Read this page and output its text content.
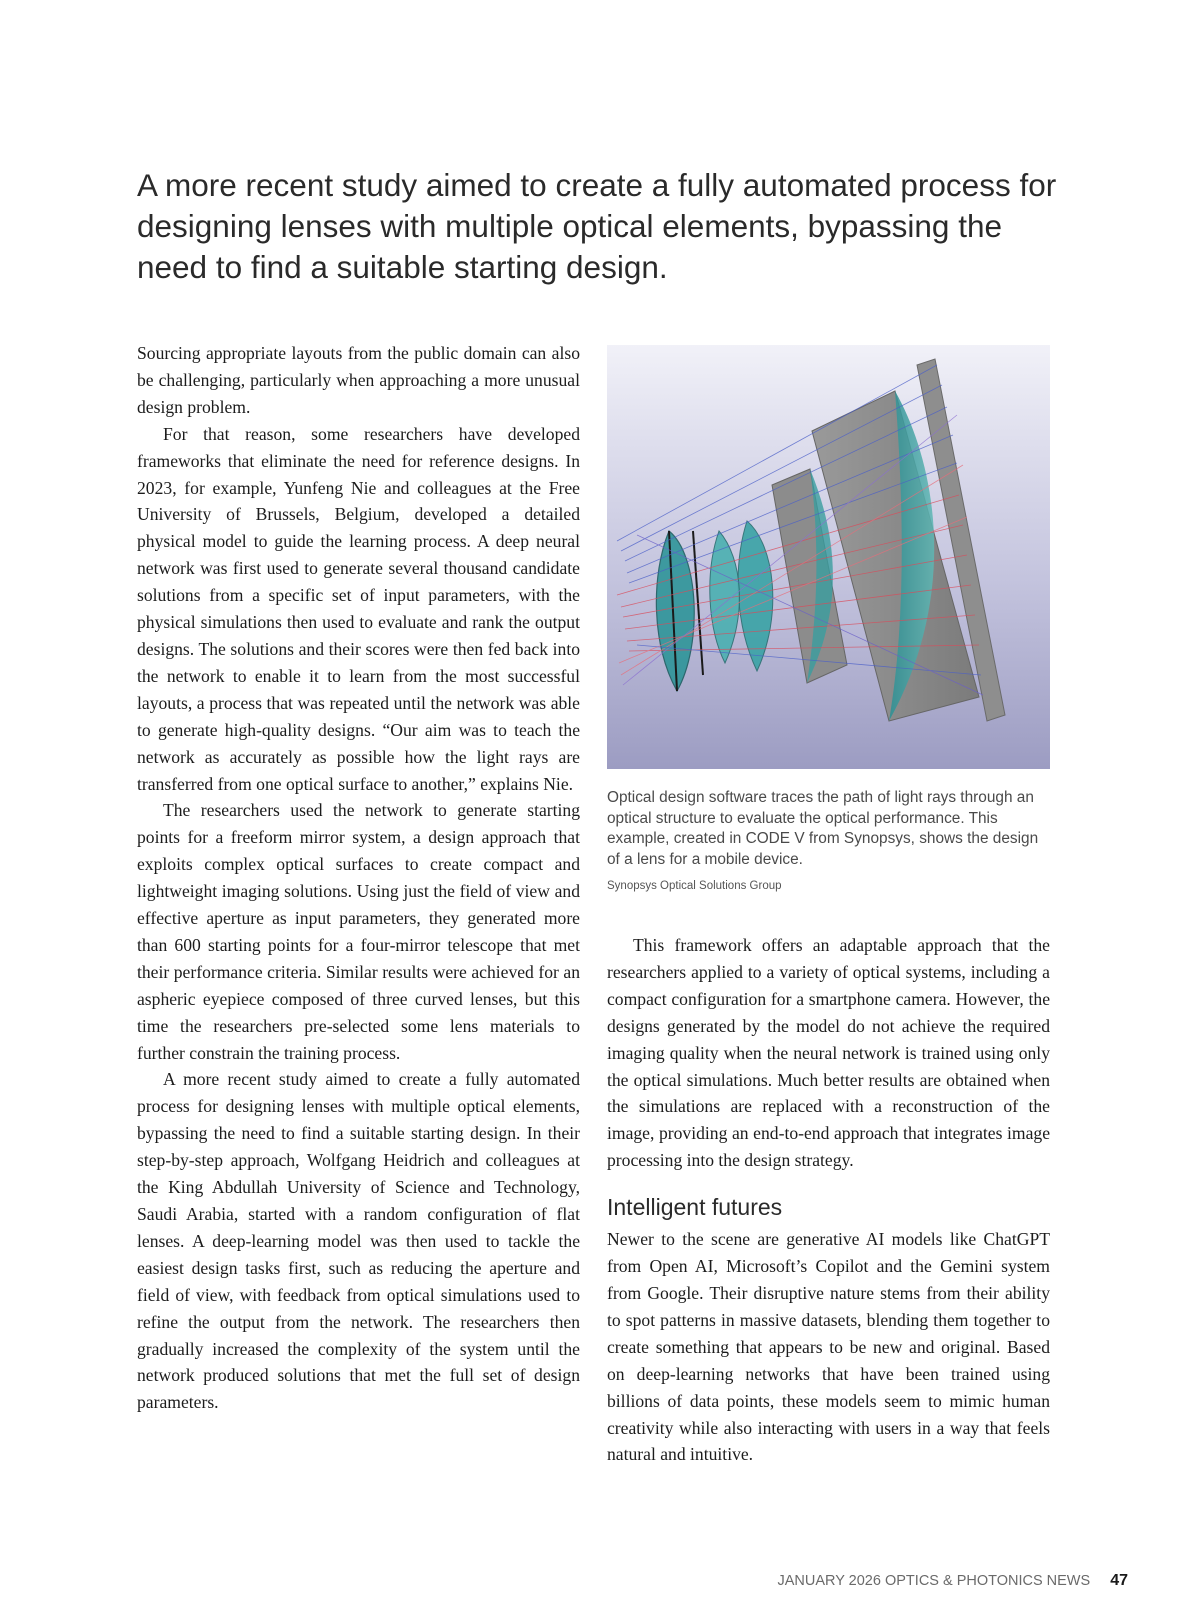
A more recent study aimed to create a fully automated process for designing lenses with multiple optical elements, bypassing the need to find a suitable starting design.

Sourcing appropriate layouts from the public domain can also be challenging, particularly when approaching a more unusual design problem.

For that reason, some researchers have developed frameworks that eliminate the need for reference designs. In 2023, for example, Yunfeng Nie and colleagues at the Free University of Brussels, Belgium, developed a detailed physical model to guide the learning process. A deep neural network was first used to generate several thousand candidate solutions from a specific set of input parameters, with the physical simulations then used to evaluate and rank the output designs. The solutions and their scores were then fed back into the network to enable it to learn from the most successful layouts, a process that was repeated until the network was able to generate high-quality designs. “Our aim was to teach the network as accurately as possible how the light rays are transferred from one optical surface to another,” explains Nie.

The researchers used the network to generate starting points for a freeform mirror system, a design approach that exploits complex optical surfaces to create compact and lightweight imaging solutions. Using just the field of view and effective aperture as input parameters, they generated more than 600 starting points for a four-mirror telescope that met their performance criteria. Similar results were achieved for an aspheric eyepiece composed of three curved lenses, but this time the researchers pre-selected some lens materials to further constrain the training process.

A more recent study aimed to create a fully automated process for designing lenses with multiple optical elements, bypassing the need to find a suitable starting design. In their step-by-step approach, Wolfgang Heidrich and colleagues at the King Abdullah University of Science and Technology, Saudi Arabia, started with a random configuration of flat lenses. A deep-learning model was then used to tackle the easiest design tasks first, such as reducing the aperture and field of view, with feedback from optical simulations used to refine the output from the network. The researchers then gradually increased the complexity of the system until the network produced solutions that met the full set of design parameters.

Optical design software traces the path of light rays through an optical structure to evaluate the optical performance. This example, created in CODE V from Synopsys, shows the design of a lens for a mobile device.

Synopsys Optical Solutions Group

This framework offers an adaptable approach that the researchers applied to a variety of optical systems, including a compact configuration for a smartphone camera. However, the designs generated by the model do not achieve the required imaging quality when the neural network is trained using only the optical simulations. Much better results are obtained when the simulations are replaced with a reconstruction of the image, providing an end-to-end approach that integrates image processing into the design strategy.

Intelligent futures

Newer to the scene are generative AI models like ChatGPT from Open AI, Microsoft’s Copilot and the Gemini system from Google. Their disruptive nature stems from their ability to spot patterns in massive datasets, blending them together to create something that appears to be new and original. Based on deep-learning networks that have been trained using billions of data points, these models seem to mimic human creativity while also interacting with users in a way that feels natural and intuitive.

JANUARY 2026 OPTICS & PHOTONICS NEWS 47
